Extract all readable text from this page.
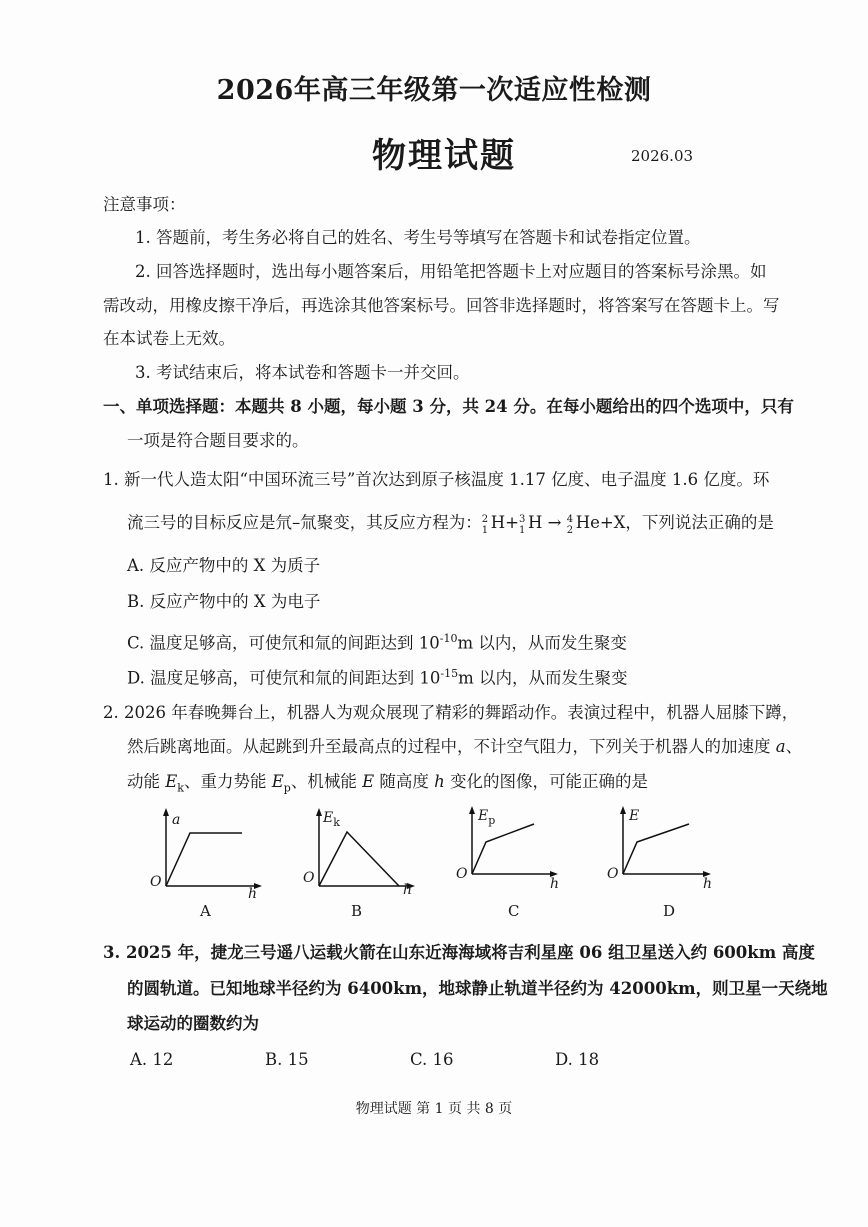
2026年高三年级第一次适应性检测
物理试题	2026.03
注意事项：
1. 答题前，考生务必将自己的姓名、考生号等填写在答题卡和试卷指定位置。
2. 回答选择题时，选出每小题答案后，用铅笔把答题卡上对应题目的答案标号涂黑。如
需改动，用橡皮擦干净后，再选涂其他答案标号。回答非选择题时，将答案写在答题卡上。写
在本试卷上无效。
3. 考试结束后，将本试卷和答题卡一并交回。
一、单项选择题：本题共 8 小题，每小题 3 分，共 24 分。在每小题给出的四个选项中，只有
一项是符合题目要求的。
1. 新一代人造太阳“中国环流三号”首次达到原子核温度 1.17 亿度、电子温度 1.6 亿度。环
流三号的目标反应是氘–氚聚变，其反应方程为： 2
1 H+ 3
1 H → 4
2 He+X，下列说法正确的是
A. 反应产物中的 X 为质子
B. 反应产物中的 X 为电子
C. 温度足够高，可使氘和氚的间距达到 $10^{-10}m$ 以内，从而发生聚变
D. 温度足够高，可使氘和氚的间距达到 $10^{-15}m$ 以内，从而发生聚变
2. 2026 年春晚舞台上，机器人为观众展现了精彩的舞蹈动作。表演过程中，机器人屈膝下蹲，
然后跳离地面。从起跳到升至最高点的过程中，不计空气阻力，下列关于机器人的加速度 a、
动能 $E_k$、重力势能 $E_p$、机械能 E 随高度 h 变化的图像，可能正确的是
a
O
h
A
$E_k$
O
h
B
$E_p$
O
h
C
E
O
h
D
3. 2025 年，捷龙三号遥八运载火箭在山东近海海域将吉利星座 06 组卫星送入约 600km 高度
的圆轨道。已知地球半径约为 6400km，地球静止轨道半径约为 42000km，则卫星一天绕地
球运动的圈数约为
A. 12	B. 15	C. 16	D. 18
物理试题 第 1 页 共 8 页
